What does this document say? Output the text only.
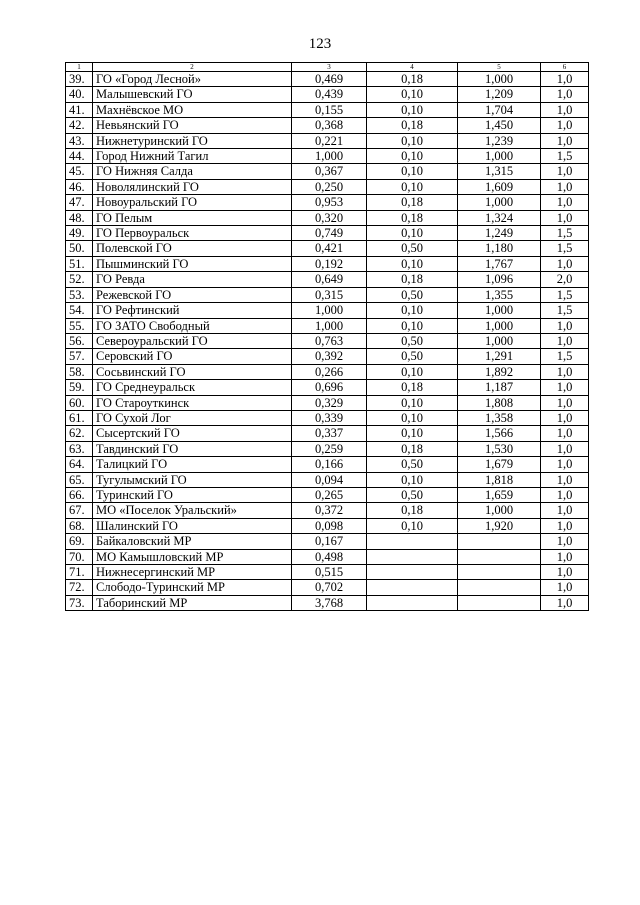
123
1	2	3	4	5	6
39.	ГО «Город Лесной»	0,469	0,18	1,000	1,0
40.	Малышевский ГО	0,439	0,10	1,209	1,0
41.	Махнёвское МО	0,155	0,10	1,704	1,0
42.	Невьянский ГО	0,368	0,18	1,450	1,0
43.	Нижнетуринский ГО	0,221	0,10	1,239	1,0
44.	Город Нижний Тагил	1,000	0,10	1,000	1,5
45.	ГО Нижняя Салда	0,367	0,10	1,315	1,0
46.	Новолялинский ГО	0,250	0,10	1,609	1,0
47.	Новоуральский ГО	0,953	0,18	1,000	1,0
48.	ГО Пелым	0,320	0,18	1,324	1,0
49.	ГО Первоуральск	0,749	0,10	1,249	1,5
50.	Полевской ГО	0,421	0,50	1,180	1,5
51.	Пышминский ГО	0,192	0,10	1,767	1,0
52.	ГО Ревда	0,649	0,18	1,096	2,0
53.	Режевской ГО	0,315	0,50	1,355	1,5
54.	ГО Рефтинский	1,000	0,10	1,000	1,5
55.	ГО ЗАТО Свободный	1,000	0,10	1,000	1,0
56.	Североуральский ГО	0,763	0,50	1,000	1,0
57.	Серовский ГО	0,392	0,50	1,291	1,5
58.	Сосьвинский ГО	0,266	0,10	1,892	1,0
59.	ГО Среднеуральск	0,696	0,18	1,187	1,0
60.	ГО Староуткинск	0,329	0,10	1,808	1,0
61.	ГО Сухой Лог	0,339	0,10	1,358	1,0
62.	Сысертский ГО	0,337	0,10	1,566	1,0
63.	Тавдинский ГО	0,259	0,18	1,530	1,0
64.	Талицкий ГО	0,166	0,50	1,679	1,0
65.	Тугулымский ГО	0,094	0,10	1,818	1,0
66.	Туринский ГО	0,265	0,50	1,659	1,0
67.	МО «Поселок Уральский»	0,372	0,18	1,000	1,0
68.	Шалинский ГО	0,098	0,10	1,920	1,0
69.	Байкаловский МР	0,167			1,0
70.	МО Камышловский МР	0,498			1,0
71.	Нижнесергинский МР	0,515			1,0
72.	Слободо-Туринский МР	0,702			1,0
73.	Таборинский МР	3,768			1,0
